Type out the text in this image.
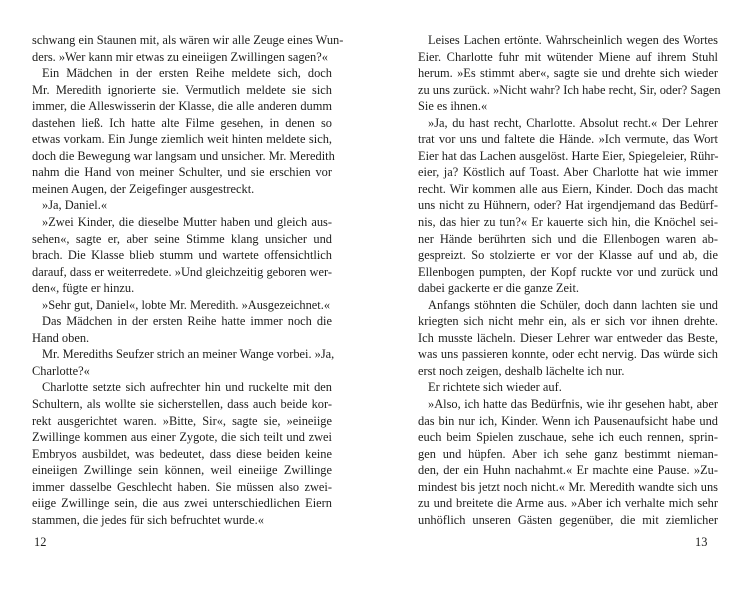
schwang ein Staunen mit, als wären wir alle Zeuge eines Wun-
ders. »Wer kann mir etwas zu eineiigen Zwillingen sagen?«
Ein Mädchen in der ersten Reihe meldete sich, doch
Mr. Meredith ignorierte sie. Vermutlich meldete sie sich
immer, die Alleswisserin der Klasse, die alle anderen dumm
dastehen ließ. Ich hatte alte Filme gesehen, in denen so
etwas vorkam. Ein Junge ziemlich weit hinten meldete sich,
doch die Bewegung war langsam und unsicher. Mr. Meredith
nahm die Hand von meiner Schulter, und sie erschien vor
meinen Augen, der Zeigefinger ausgestreckt.
»Ja, Daniel.«
»Zwei Kinder, die dieselbe Mutter haben und gleich aus-
sehen«, sagte er, aber seine Stimme klang unsicher und
brach. Die Klasse blieb stumm und wartete offensichtlich
darauf, dass er weiterredete. »Und gleichzeitig geboren wer-
den«, fügte er hinzu.
»Sehr gut, Daniel«, lobte Mr. Meredith. »Ausgezeichnet.«
Das Mädchen in der ersten Reihe hatte immer noch die
Hand oben.
Mr. Merediths Seufzer strich an meiner Wange vorbei. »Ja,
Charlotte?«
Charlotte setzte sich aufrechter hin und ruckelte mit den
Schultern, als wollte sie sicherstellen, dass auch beide kor-
rekt ausgerichtet waren. »Bitte, Sir«, sagte sie, »eineiige
Zwillinge kommen aus einer Zygote, die sich teilt und zwei
Embryos ausbildet, was bedeutet, dass diese beiden keine
eineiigen Zwillinge sein können, weil eineiige Zwillinge
immer dasselbe Geschlecht haben. Sie müssen also zwei-
eiige Zwillinge sein, die aus zwei unterschiedlichen Eiern
stammen, die jedes für sich befruchtet wurde.«
12
Leises Lachen ertönte. Wahrscheinlich wegen des Wortes
Eier. Charlotte fuhr mit wütender Miene auf ihrem Stuhl
herum. »Es stimmt aber«, sagte sie und drehte sich wieder
zu uns zurück. »Nicht wahr? Ich habe recht, Sir, oder? Sagen
Sie es ihnen.«
»Ja, du hast recht, Charlotte. Absolut recht.« Der Lehrer
trat vor uns und faltete die Hände. »Ich vermute, das Wort
Eier hat das Lachen ausgelöst. Harte Eier, Spiegeleier, Rühr-
eier, ja? Köstlich auf Toast. Aber Charlotte hat wie immer
recht. Wir kommen alle aus Eiern, Kinder. Doch das macht
uns nicht zu Hühnern, oder? Hat irgendjemand das Bedürf-
nis, das hier zu tun?« Er kauerte sich hin, die Knöchel sei-
ner Hände berührten sich und die Ellenbogen waren ab-
gespreizt. So stolzierte er vor der Klasse auf und ab, die
Ellenbogen pumpten, der Kopf ruckte vor und zurück und
dabei gackerte er die ganze Zeit.
Anfangs stöhnten die Schüler, doch dann lachten sie und
kriegten sich nicht mehr ein, als er sich vor ihnen drehte.
Ich musste lächeln. Dieser Lehrer war entweder das Beste,
was uns passieren konnte, oder echt nervig. Das würde sich
erst noch zeigen, deshalb lächelte ich nur.
Er richtete sich wieder auf.
»Also, ich hatte das Bedürfnis, wie ihr gesehen habt, aber
das bin nur ich, Kinder. Wenn ich Pausenaufsicht habe und
euch beim Spielen zuschaue, sehe ich euch rennen, sprin-
gen und hüpfen. Aber ich sehe ganz bestimmt nieman-
den, der ein Huhn nachahmt.« Er machte eine Pause. »Zu-
mindest bis jetzt noch nicht.« Mr. Meredith wandte sich uns
zu und breitete die Arme aus. »Aber ich verhalte mich sehr
unhöflich unseren Gästen gegenüber, die mit ziemlicher
13
